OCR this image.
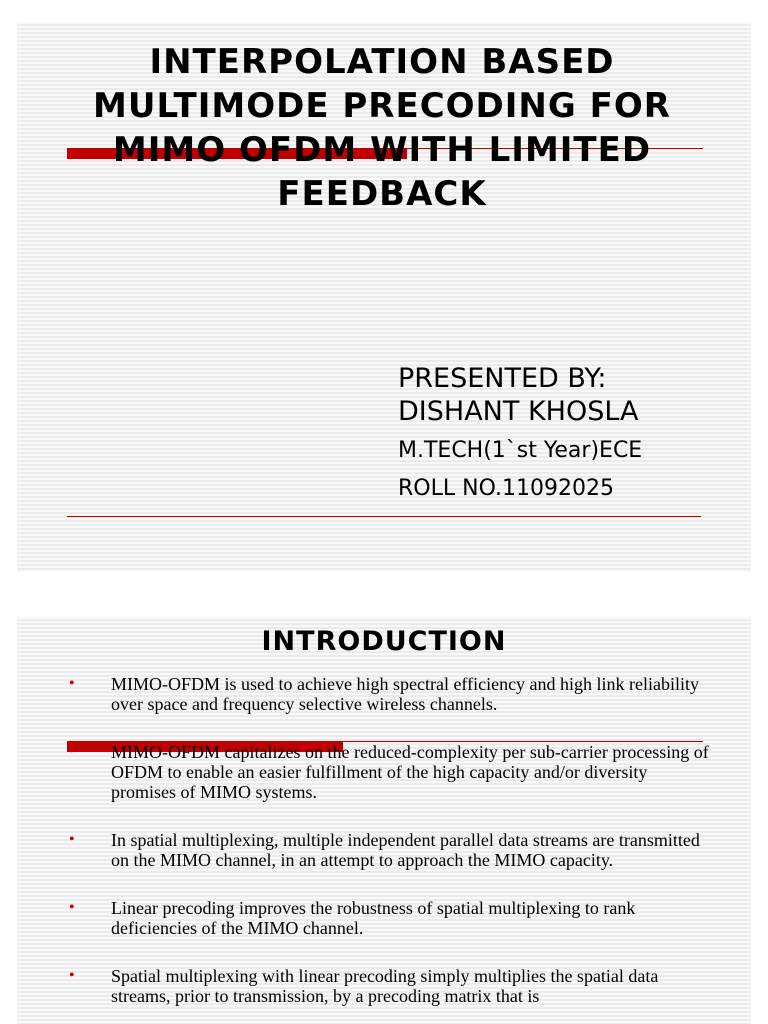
INTERPOLATION BASED MULTIMODE PRECODING FOR MIMO OFDM WITH LIMITED FEEDBACK
PRESENTED BY:
DISHANT KHOSLA
M.TECH(1`st Year)ECE
ROLL NO.11092025
INTRODUCTION
• MIMO-OFDM is used to achieve high spectral efficiency and high link reliability over space and frequency selective wireless channels.
• MIMO-OFDM capitalizes on the reduced-complexity per sub-carrier processing of OFDM to enable an easier fulfillment of the high capacity and/or diversity promises of MIMO systems.
• In spatial multiplexing, multiple independent parallel data streams are transmitted on the MIMO channel, in an attempt to approach the MIMO capacity.
• Linear precoding improves the robustness of spatial multiplexing to rank deficiencies of the MIMO channel.
• Spatial multiplexing with linear precoding simply multiplies the spatial data streams, prior to transmission, by a precoding matrix that is
